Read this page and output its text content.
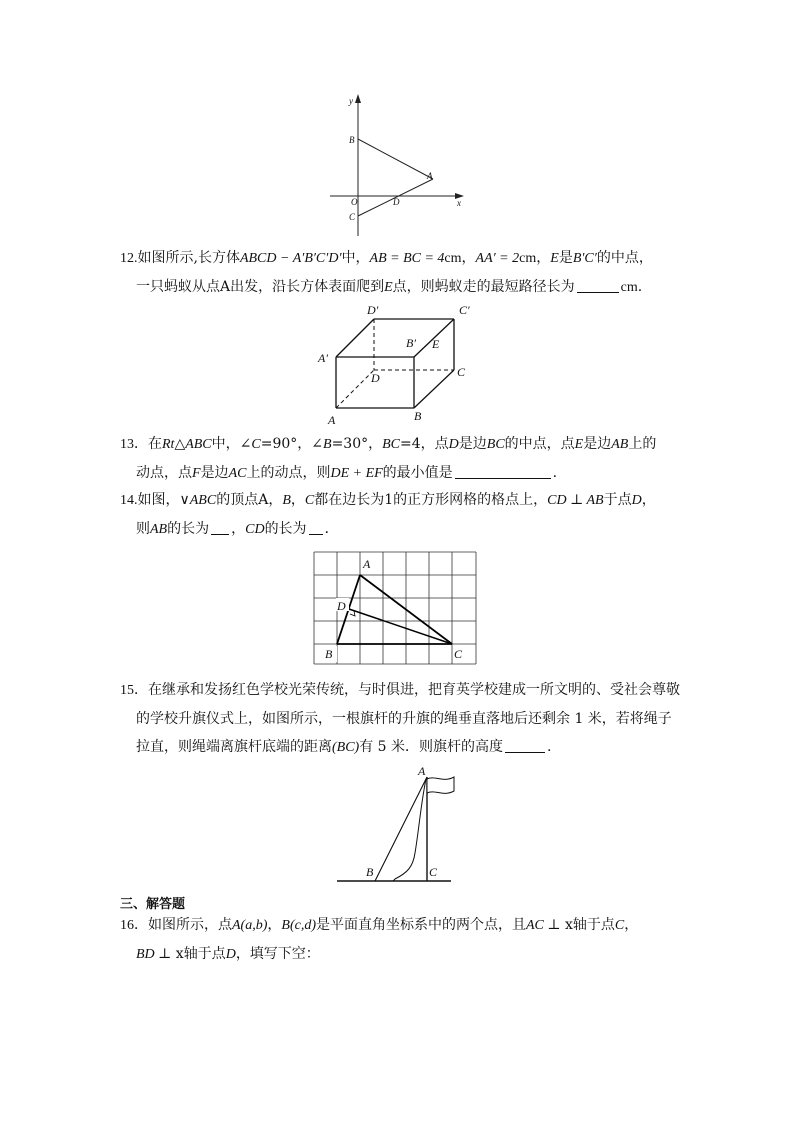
y
x
B
A
O	D
C

12.如图所示,长方体ABCD − A′B′C′D′中，AB = BC = 4cm，AA′ = 2cm，E是B′C′的中点，
一只蚂蚁从点A出发，沿长方体表面爬到E点，则蚂蚁走的最短路径长为	cm.

D′	C′
A′
B′ E
D	C
A	B

13．在Rt△ABC中，∠C=90°，∠B=30°，BC=4，点D是边BC的中点，点E是边AB上的
动点，点F是边AC上的动点，则DE + EF的最小值是	.

14.如图，∨ABC的顶点A，B，C都在边长为1的正方形网格的格点上，CD ⊥ AB于点D，
则AB的长为 ，CD的长为 ．

A
D
B	C

15．在继承和发扬红色学校光荣传统，与时俱进，把育英学校建成一所文明的、受社会尊敬
的学校升旗仪式上，如图所示，一根旗杆的升旗的绳垂直落地后还剩余 1 米，若将绳子
拉直，则绳端离旗杆底端的距离(BC)有 5 米．则旗杆的高度	.

A
B	C

三、解答题

16．如图所示，点A(a,b)，B(c,d)是平面直角坐标系中的两个点，且AC ⊥ x轴于点C，
BD ⊥ x轴于点D，填写下空：
